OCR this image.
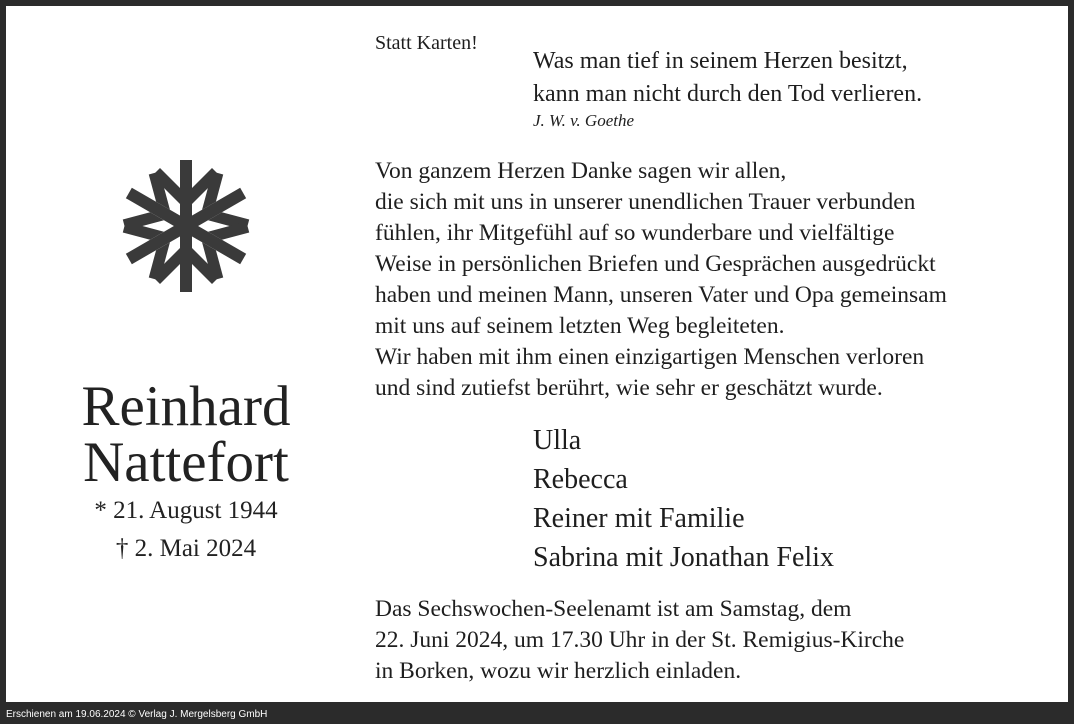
Reinhard
Nattefort
* 21. August 1944
† 2. Mai 2024
Statt Karten!
Was man tief in seinem Herzen besitzt,
kann man nicht durch den Tod verlieren.
J. W. v. Goethe
Von ganzem Herzen Danke sagen wir allen,
die sich mit uns in unserer unendlichen Trauer verbunden
fühlen, ihr Mitgefühl auf so wunderbare und vielfältige
Weise in persönlichen Briefen und Gesprächen ausgedrückt
haben und meinen Mann, unseren Vater und Opa gemeinsam
mit uns auf seinem letzten Weg begleiteten.
Wir haben mit ihm einen einzigartigen Menschen verloren
und sind zutiefst berührt, wie sehr er geschätzt wurde.
Ulla
Rebecca
Reiner mit Familie
Sabrina mit Jonathan Felix
Das Sechswochen-Seelenamt ist am Samstag, dem
22. Juni 2024, um 17.30 Uhr in der St. Remigius-Kirche
in Borken, wozu wir herzlich einladen.
Erschienen am 19.06.2024 © Verlag J. Mergelsberg GmbH
